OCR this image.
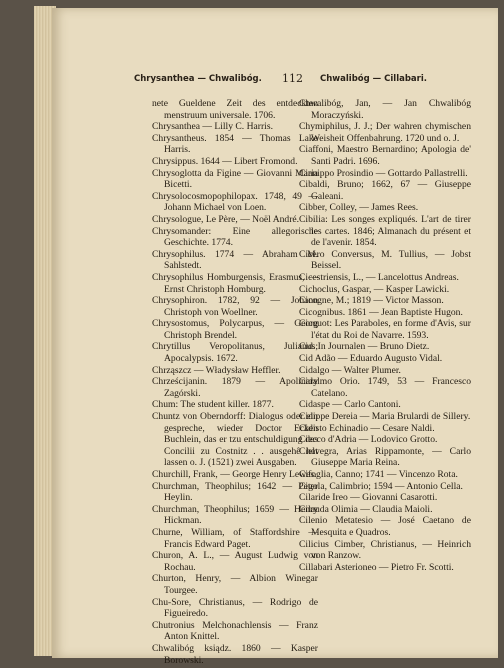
Chrysanthea — Chwalibóg. 112 Chwalibóg — Cillabari.

nete Gueldene Zeit des entdeckten menstruum universale. 1706.

Chrysanthea — Lilly C. Harris.

Chrysantheus. 1854 — Thomas Lake Harris.

Chrysippus. 1644 — Libert Fromond.

Chrysoglotta da Figine — Giovanni Maria Bicetti.

Chrysolocosmopophilopax. 1748, 49 — Johann Michael von Loen.

Chrysologue, Le Père, — Noël André.

Chrysomander: Eine allegorische Geschichte. 1774.

Chrysophilus. 1774 — Abraham M. Sahlstedt.

Chrysophilus Homburgensis, Erasmus, — Ernst Christoph Homburg.

Chrysophiron. 1782, 92 — Johann Christoph von Woellner.

Chrysostomus, Polycarpus, — Georg Christoph Brendel.

Chrytillus Veropolitanus, Julianus; Apocalypsis. 1672.

Chrząszcz — Władysław Heffler.

Chrześcijanin. 1879 — Apolinary Zagórski.

Chum: The student killer. 1877.

Chuntz von Oberndorff: Dialogus oder ein gespreche, wieder Doctor Ecken Buchlein, das er tzu entschuldigung des Concilii zu Costnitz . . ausgehê hat lassen o. J. (1521) zwei Ausgaben.

Churchill, Frank, — George Henry Lewes.

Churchman, Theophilus; 1642 — Peter Heylin.

Churchman, Theophilus; 1659 — Henry Hickman.

Churne, William, of Staffordshire — Francis Edward Paget.

Churon, A. L., — August Ludwig von Rochau.

Churton, Henry, — Albion Winegar Tourgee.

Chu-Sore, Christianus, — Rodrigo de Figueiredo.

Chutronius Melchonachlensis — Franz Anton Knittel.

Chwalibóg ksiądz. 1860 — Kasper Borowski.

Chwalibóg, Jan, — Jan Chwalibóg Moraczyński.

Chymiphilus, J. J.; Der wahren chymischen Weisheit Offenbahrung. 1720 und o. J.

Ciaffoni, Maestro Bernardino; Apologia de' Santi Padri. 1696.

Cianippo Prosindio — Gottardo Pallastrelli.

Cibaldi, Bruno; 1662, 67 — Giuseppe Galeani.

Cibber, Colley, — James Rees.

Cibilia: Les songes expliqués. L'art de tirer les cartes. 1846; Almanach du présent et de l'avenir. 1854.

Cicero Conversus, M. Tullius, — Jobst Beissel.

Cicestriensis, L., — Lancelottus Andreas.

Cichoclus, Gaspar, — Kasper Lawicki.

Cicogne, M.; 1819 — Victor Masson.

Cicognibus. 1861 — Jean Baptiste Hugon.

Cicquot: Les Paraboles, en forme d'Avis, sur l'état du Roi de Navarre. 1593.

Cid. In Journalen — Bruno Dietz.

Cid Adão — Eduardo Augusto Vidal.

Cidalgo — Walter Plumer.

Cidalmo Orio. 1749, 53 — Francesco Catelano.

Cidaspe — Carlo Cantoni.

Cidippe Dereia — Maria Brulardi de Sillery.

Cidisto Echinadio — Cesare Naldi.

Ciecco d'Adria — Lodovico Grotto.

Cielvegra, Arias Rippamonte, — Carlo Giuseppe Maria Reina.

Cifoglia, Canno; 1741 — Vincenzo Rota.

Cigola, Calimbrio; 1594 — Antonio Cella.

Cilaride Ireo — Giovanni Casarotti.

Cilauda Olimia — Claudia Maioli.

Cilenio Metatesio — José Caetano de Mesquita e Quadros.

Cilicius Cimber, Christianus, — Heinrich von Ranzow.

Cillabari Asterioneo — Pietro Fr. Scotti.
